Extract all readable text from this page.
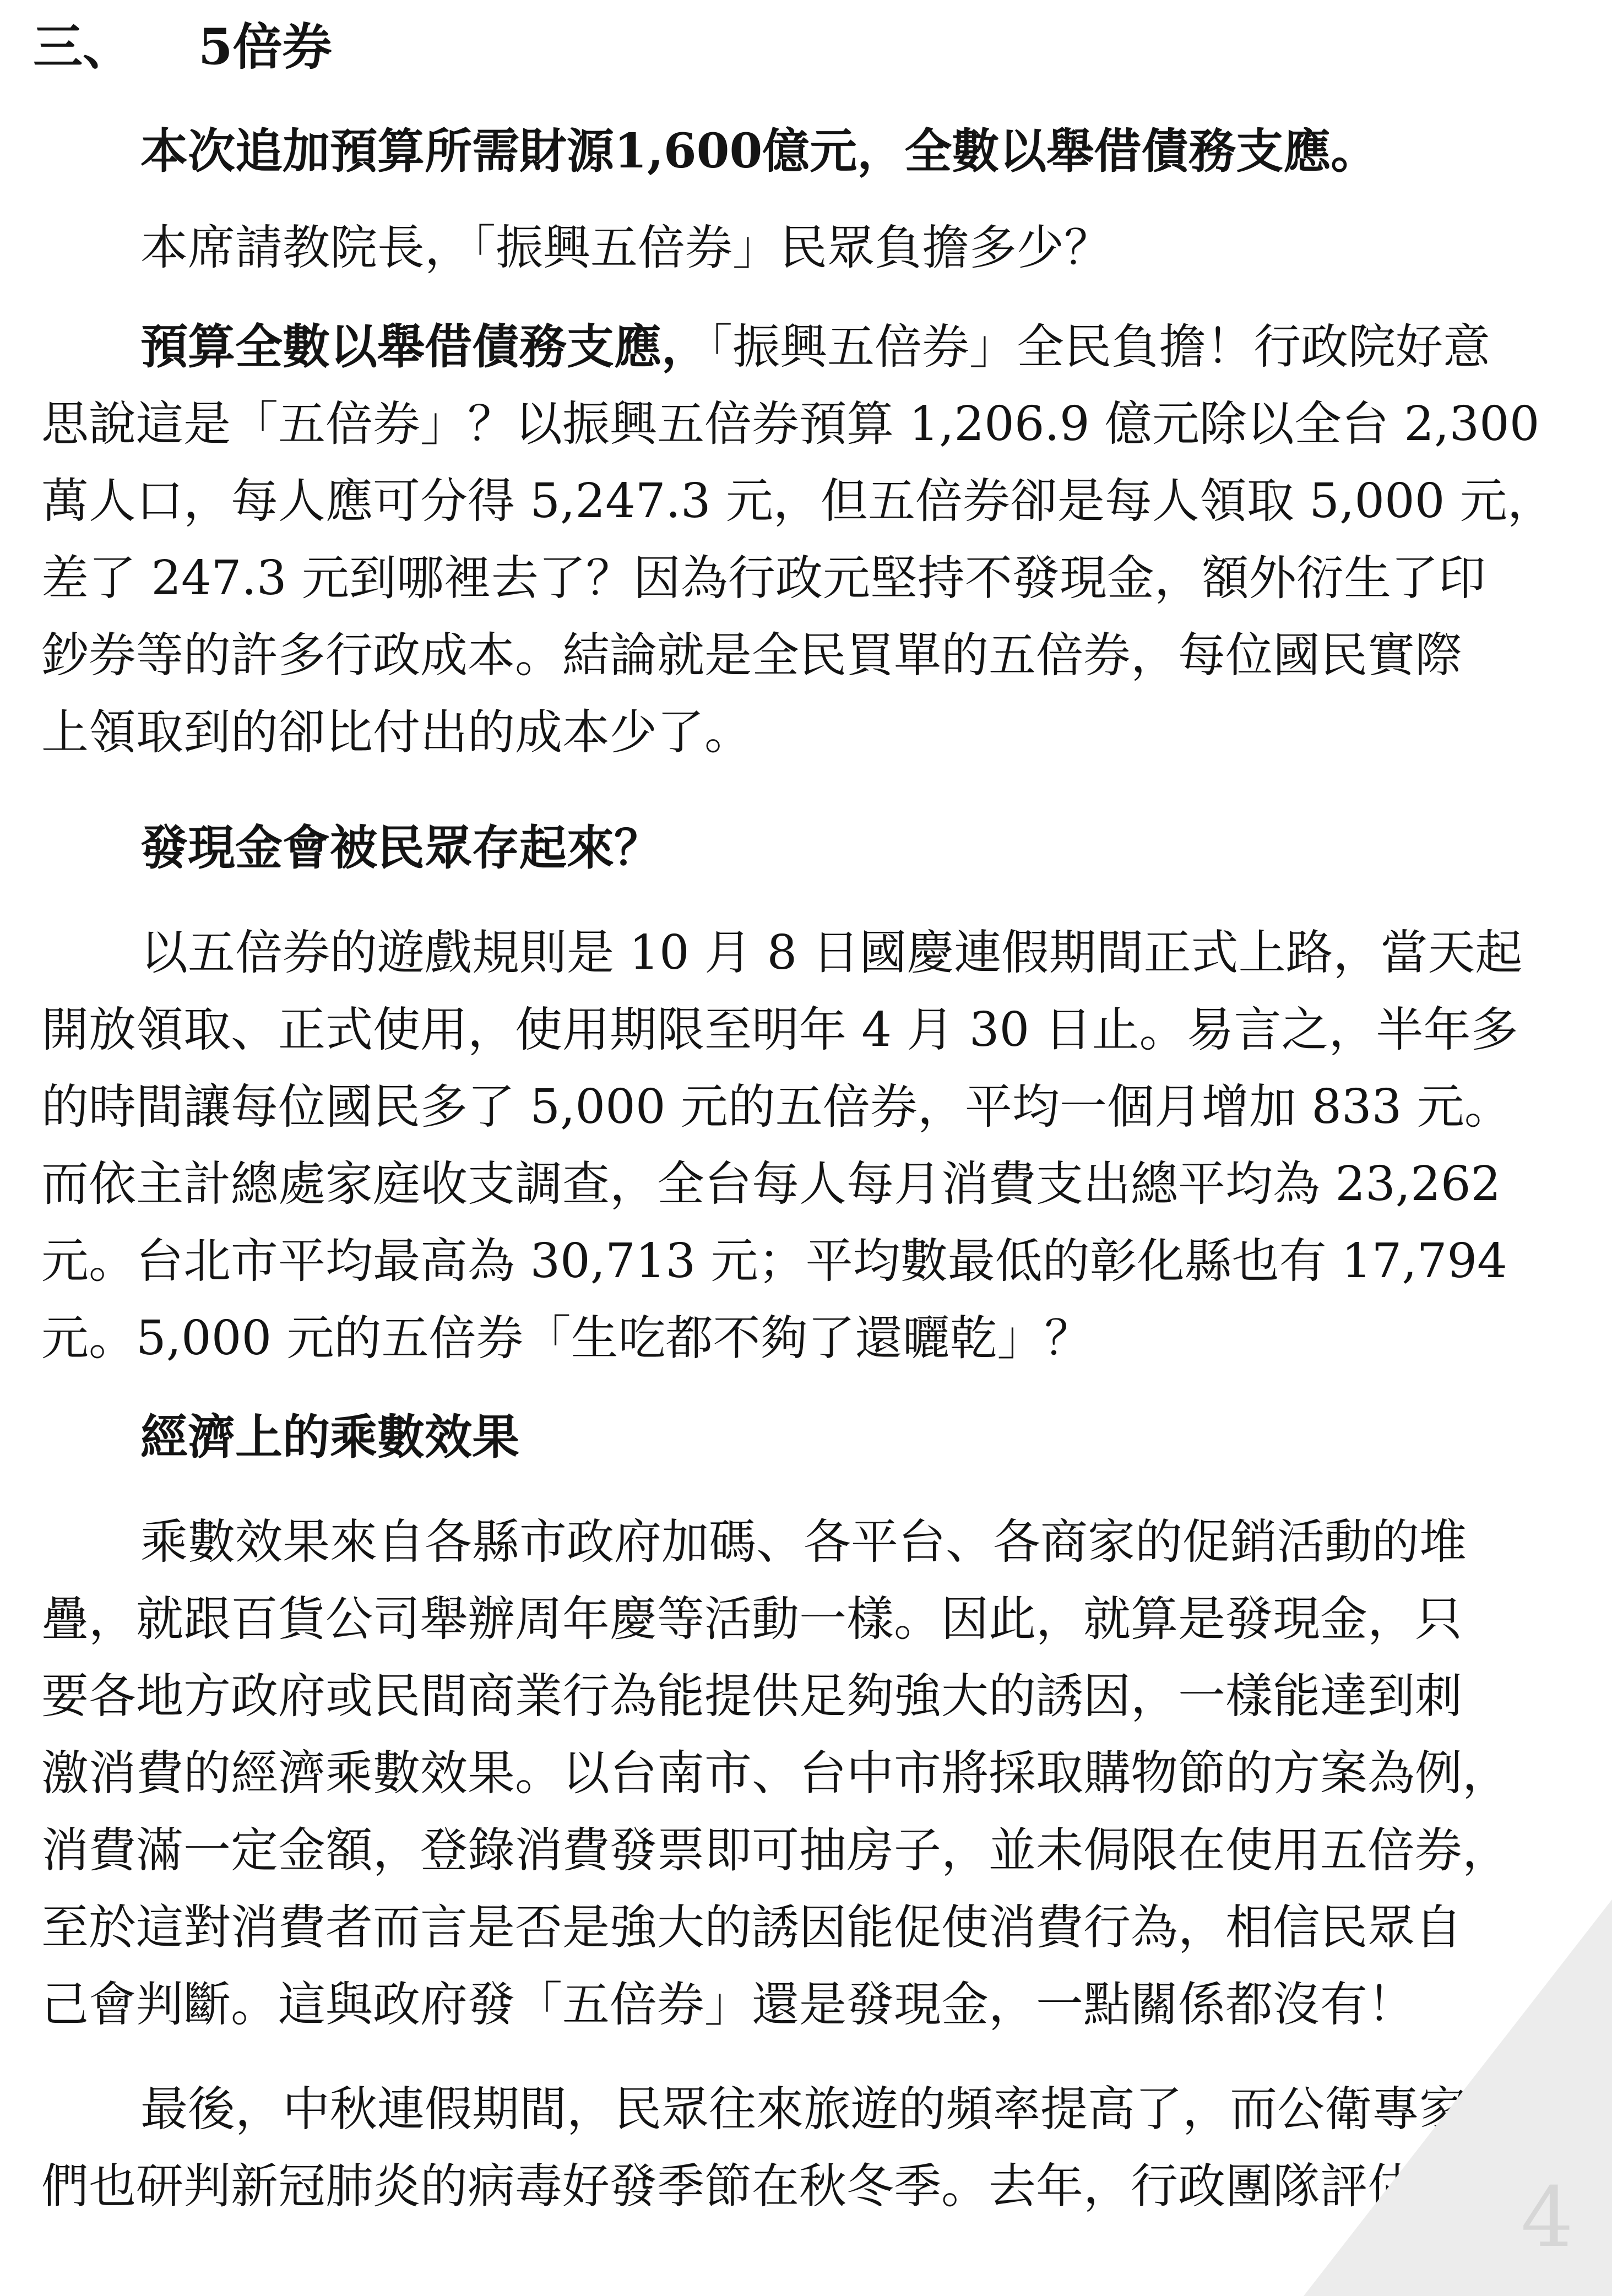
三、 5倍券

本次追加預算所需財源1,600億元，全數以舉借債務支應。

本席請教院長，「振興五倍券」民眾負擔多少？

預算全數以舉借債務支應，「振興五倍券」全民負擔！行政院好意

思說這是「五倍券」？以振興五倍券預算 1,206.9 億元除以全台 2,300

萬人口，每人應可分得 5,247.3 元，但五倍券卻是每人領取 5,000 元，

差了 247.3 元到哪裡去了？因為行政元堅持不發現金，額外衍生了印

鈔券等的許多行政成本。結論就是全民買單的五倍券，每位國民實際

上領取到的卻比付出的成本少了。

發現金會被民眾存起來？

以五倍券的遊戲規則是 10 月 8 日國慶連假期間正式上路，當天起

開放領取、正式使用，使用期限至明年 4 月 30 日止。易言之，半年多

的時間讓每位國民多了 5,000 元的五倍券，平均一個月增加 833 元。

而依主計總處家庭收支調查，全台每人每月消費支出總平均為 23,262

元。台北市平均最高為 30,713 元；平均數最低的彰化縣也有 17,794

元。5,000 元的五倍券「生吃都不夠了還曬乾」？

經濟上的乘數效果

乘數效果來自各縣市政府加碼、各平台、各商家的促銷活動的堆

疊，就跟百貨公司舉辦周年慶等活動一樣。因此，就算是發現金，只

要各地方政府或民間商業行為能提供足夠強大的誘因，一樣能達到刺

激消費的經濟乘數效果。以台南市、台中市將採取購物節的方案為例，

消費滿一定金額，登錄消費發票即可抽房子，並未侷限在使用五倍券，

至於這對消費者而言是否是強大的誘因能促使消費行為，相信民眾自

己會判斷。這與政府發「五倍券」還是發現金，一點關係都沒有！

最後，中秋連假期間，民眾往來旅遊的頻率提高了，而公衛專家

們也研判新冠肺炎的病毒好發季節在秋冬季。去年，行政團隊評估疫 4
